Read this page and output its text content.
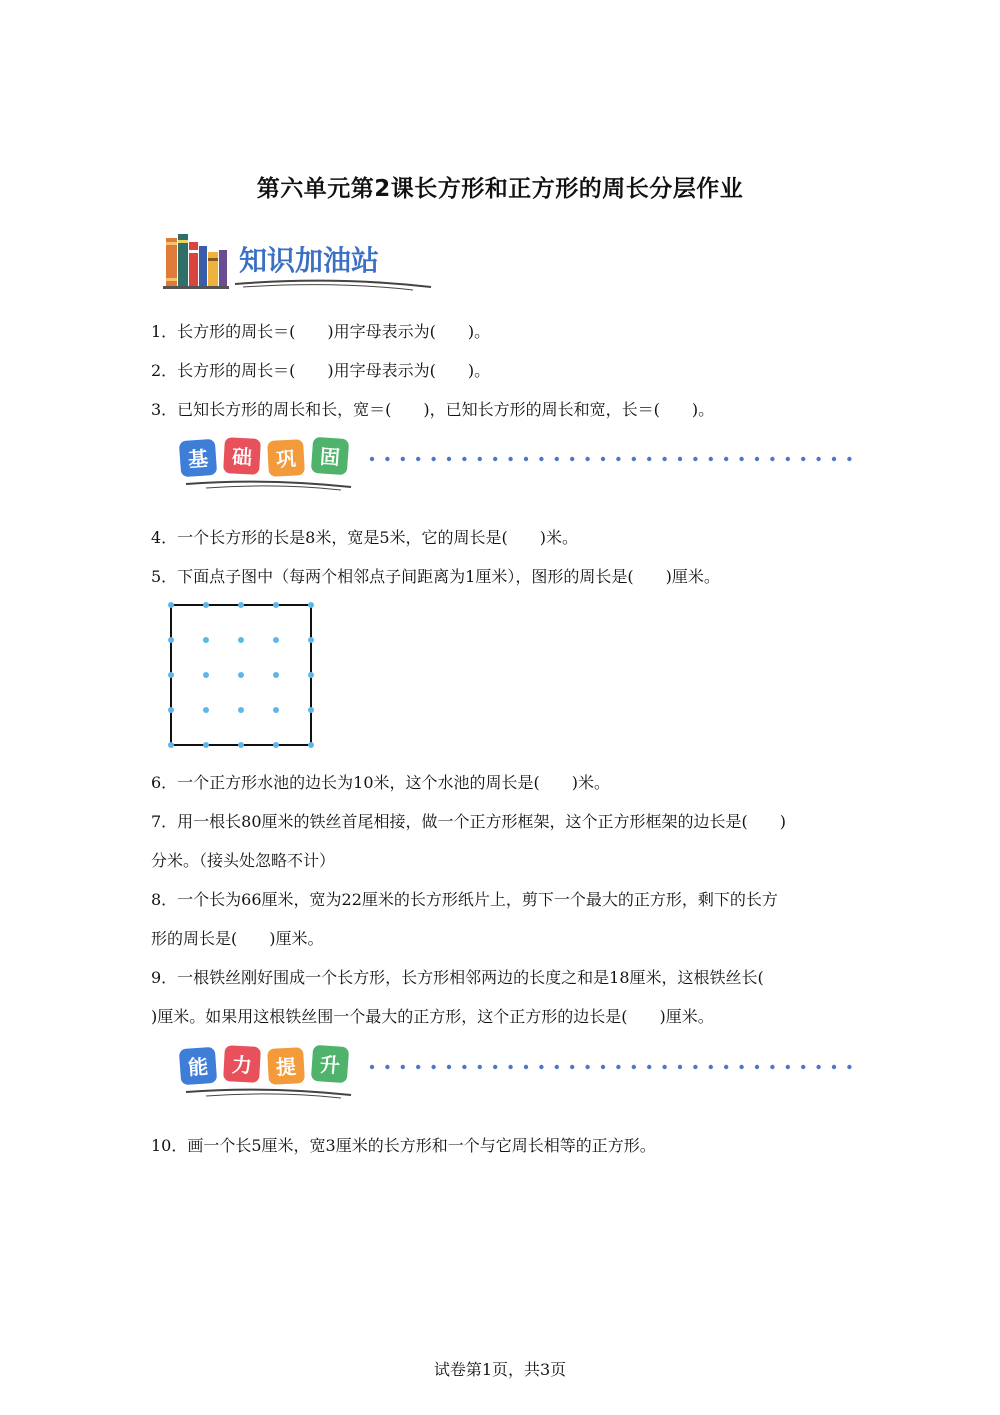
第六单元第2课长方形和正方形的周长分层作业
知识加油站
1．长方形的周长＝(　　)用字母表示为(　　)。
2．长方形的周长＝(　　)用字母表示为(　　)。
3．已知长方形的周长和长，宽＝(　　)，已知长方形的周长和宽，长＝(　　)。
基 础 巩 固
4．一个长方形的长是8米，宽是5米，它的周长是(　　)米。
5．下面点子图中（每两个相邻点子间距离为1厘米），图形的周长是(　　)厘米。
6．一个正方形水池的边长为10米，这个水池的周长是(　　)米。
7．用一根长80厘米的铁丝首尾相接，做一个正方形框架，这个正方形框架的边长是(　　)
分米。（接头处忽略不计）
8．一个长为66厘米，宽为22厘米的长方形纸片上，剪下一个最大的正方形，剩下的长方
形的周长是(　　)厘米。
9．一根铁丝刚好围成一个长方形，长方形相邻两边的长度之和是18厘米，这根铁丝长(
)厘米。如果用这根铁丝围一个最大的正方形，这个正方形的边长是(　　)厘米。
能 力 提 升
10．画一个长5厘米，宽3厘米的长方形和一个与它周长相等的正方形。
试卷第1页，共3页
